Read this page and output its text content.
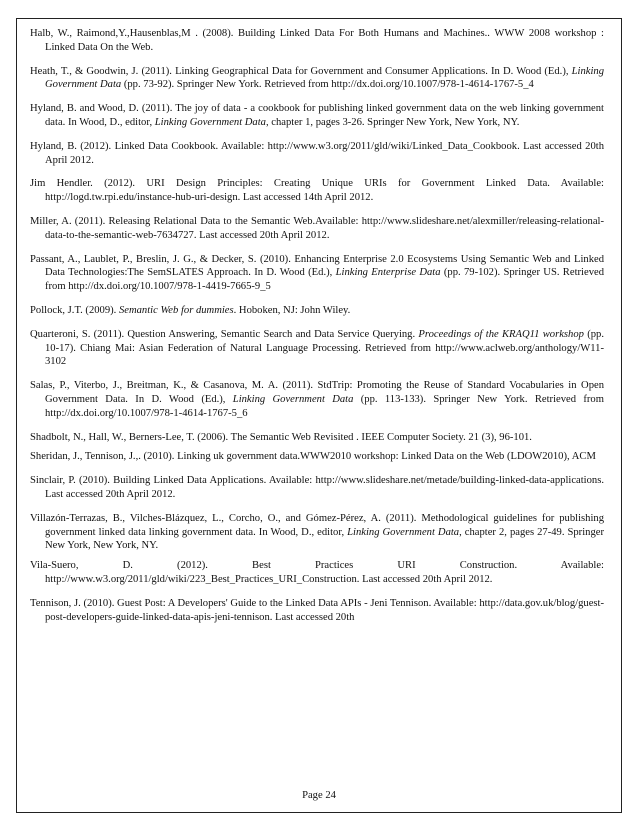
Halb, W., Raimond,Y.,Hausenblas,M . (2008). Building Linked Data For Both Humans and Machines.. WWW 2008 workshop : Linked Data On the Web.

Heath, T., & Goodwin, J. (2011). Linking Geographical Data for Government and Consumer Applications. In D. Wood (Ed.), Linking Government Data (pp. 73-92). Springer New York. Retrieved from http://dx.doi.org/10.1007/978-1-4614-1767-5_4

Hyland, B. and Wood, D. (2011). The joy of data - a cookbook for publishing linked government data on the web linking government data. In Wood, D., editor, Linking Government Data, chapter 1, pages 3-26. Springer New York, New York, NY.

Hyland, B. (2012). Linked Data Cookbook. Available: http://www.w3.org/2011/gld/wiki/Linked_Data_Cookbook. Last accessed 20th April 2012.

Jim Hendler. (2012). URI Design Principles: Creating Unique URIs for Government Linked Data. Available: http://logd.tw.rpi.edu/instance-hub-uri-design. Last accessed 14th April 2012.

Miller, A. (2011). Releasing Relational Data to the Semantic Web.Available: http://www.slideshare.net/alexmiller/releasing-relational-data-to-the-semantic-web-7634727. Last accessed 20th April 2012.

Passant, A., Laublet, P., Breslin, J. G., & Decker, S. (2010). Enhancing Enterprise 2.0 Ecosystems Using Semantic Web and Linked Data Technologies:The SemSLATES Approach. In D. Wood (Ed.), Linking Enterprise Data (pp. 79-102). Springer US. Retrieved from http://dx.doi.org/10.1007/978-1-4419-7665-9_5

Pollock, J.T. (2009). Semantic Web for dummies. Hoboken, NJ: John Wiley.

Quarteroni, S. (2011). Question Answering, Semantic Search and Data Service Querying. Proceedings of the KRAQ11 workshop (pp. 10-17). Chiang Mai: Asian Federation of Natural Language Processing. Retrieved from http://www.aclweb.org/anthology/W11-3102

Salas, P., Viterbo, J., Breitman, K., & Casanova, M. A. (2011). StdTrip: Promoting the Reuse of Standard Vocabularies in Open Government Data. In D. Wood (Ed.), Linking Government Data (pp. 113-133). Springer New York. Retrieved from http://dx.doi.org/10.1007/978-1-4614-1767-5_6

Shadbolt, N., Hall, W., Berners-Lee, T. (2006). The Semantic Web Revisited . IEEE Computer Society. 21 (3), 96-101.

Sheridan, J., Tennison, J.,. (2010). Linking uk government data.WWW2010 workshop: Linked Data on the Web (LDOW2010), ACM

Sinclair, P. (2010). Building Linked Data Applications. Available: http://www.slideshare.net/metade/building-linked-data-applications. Last accessed 20th April 2012.

Villazón-Terrazas, B., Vilches-Blázquez, L., Corcho, O., and Gómez-Pérez, A. (2011). Methodological guidelines for publishing government linked data linking government data. In Wood, D., editor, Linking Government Data, chapter 2, pages 27-49. Springer New York, New York, NY.

Vila-Suero, D. (2012). Best Practices URI Construction. Available: http://www.w3.org/2011/gld/wiki/223_Best_Practices_URI_Construction. Last accessed 20th April 2012.

Tennison, J. (2010). Guest Post: A Developers' Guide to the Linked Data APIs - Jeni Tennison. Available: http://data.gov.uk/blog/guest-post-developers-guide-linked-data-apis-jeni-tennison. Last accessed 20th

Page 24
